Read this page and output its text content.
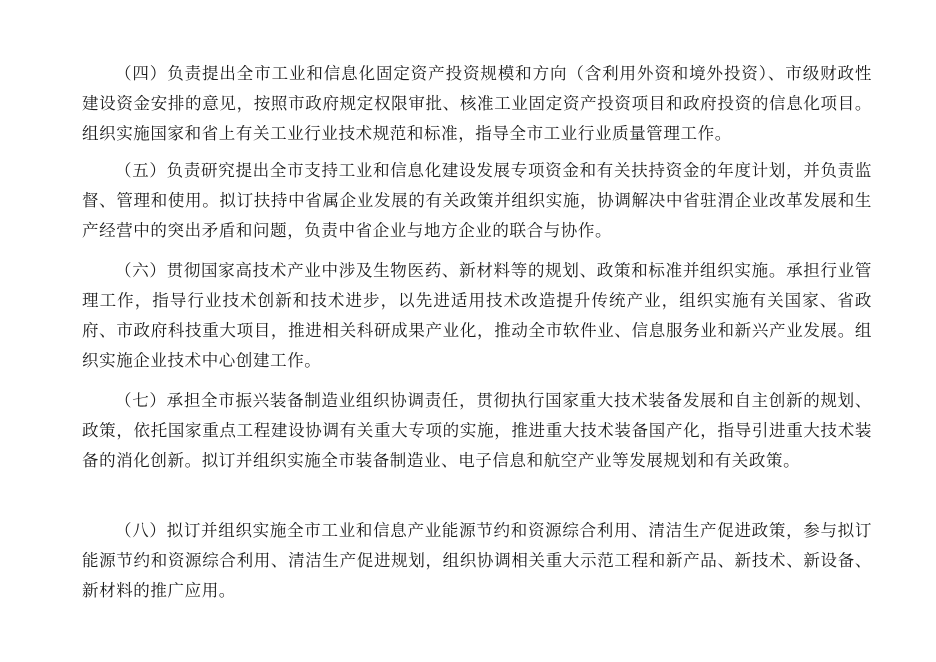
（四）负责提出全市工业和信息化固定资产投资规模和方向（含利用外资和境外投资）、市级财政性建设资金安排的意见，按照市政府规定权限审批、核准工业固定资产投资项目和政府投资的信息化项目。组织实施国家和省上有关工业行业技术规范和标准，指导全市工业行业质量管理工作。

（五）负责研究提出全市支持工业和信息化建设发展专项资金和有关扶持资金的年度计划，并负责监督、管理和使用。拟订扶持中省属企业发展的有关政策并组织实施，协调解决中省驻渭企业改革发展和生产经营中的突出矛盾和问题，负责中省企业与地方企业的联合与协作。

（六）贯彻国家高技术产业中涉及生物医药、新材料等的规划、政策和标准并组织实施。承担行业管理工作，指导行业技术创新和技术进步，以先进适用技术改造提升传统产业，组织实施有关国家、省政府、市政府科技重大项目，推进相关科研成果产业化，推动全市软件业、信息服务业和新兴产业发展。组织实施企业技术中心创建工作。

（七）承担全市振兴装备制造业组织协调责任，贯彻执行国家重大技术装备发展和自主创新的规划、政策，依托国家重点工程建设协调有关重大专项的实施，推进重大技术装备国产化，指导引进重大技术装备的消化创新。拟订并组织实施全市装备制造业、电子信息和航空产业等发展规划和有关政策。

（八）拟订并组织实施全市工业和信息产业能源节约和资源综合利用、清洁生产促进政策，参与拟订能源节约和资源综合利用、清洁生产促进规划，组织协调相关重大示范工程和新产品、新技术、新设备、新材料的推广应用。
